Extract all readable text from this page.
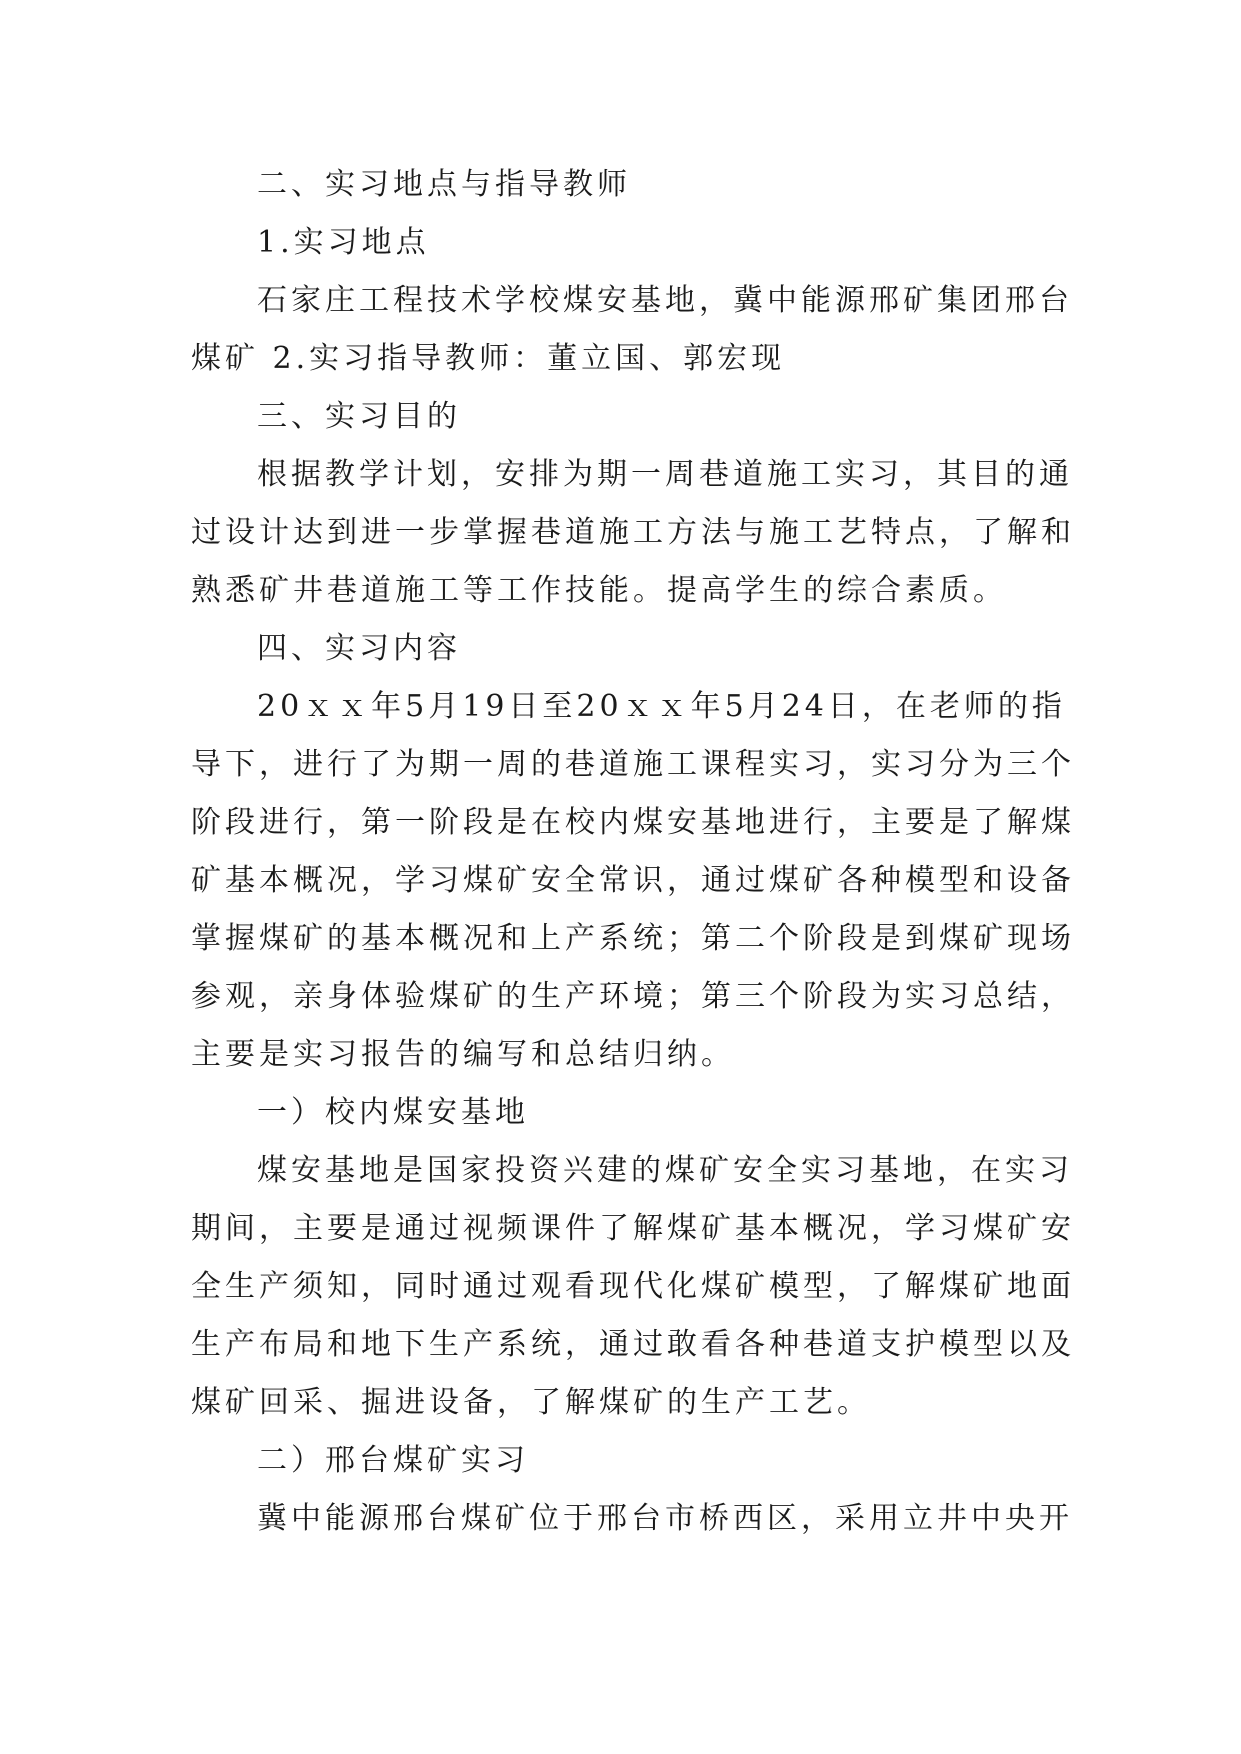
二、实习地点与指导教师
1.实习地点
石家庄工程技术学校煤安基地，冀中能源邢矿集团邢台
煤矿 2.实习指导教师：董立国、郭宏现
三、实习目的
根据教学计划，安排为期一周巷道施工实习，其目的通
过设计达到进一步掌握巷道施工方法与施工艺特点，了解和
熟悉矿井巷道施工等工作技能。提高学生的综合素质。
四、实习内容
20ｘｘ年5月19日至20ｘｘ年5月24日，在老师的指
导下，进行了为期一周的巷道施工课程实习，实习分为三个
阶段进行，第一阶段是在校内煤安基地进行，主要是了解煤
矿基本概况，学习煤矿安全常识，通过煤矿各种模型和设备
掌握煤矿的基本概况和上产系统；第二个阶段是到煤矿现场
参观，亲身体验煤矿的生产环境；第三个阶段为实习总结，
主要是实习报告的编写和总结归纳。
一）校内煤安基地
煤安基地是国家投资兴建的煤矿安全实习基地，在实习
期间，主要是通过视频课件了解煤矿基本概况，学习煤矿安
全生产须知，同时通过观看现代化煤矿模型，了解煤矿地面
生产布局和地下生产系统，通过敢看各种巷道支护模型以及
煤矿回采、掘进设备，了解煤矿的生产工艺。
二）邢台煤矿实习
冀中能源邢台煤矿位于邢台市桥西区，采用立井中央开
